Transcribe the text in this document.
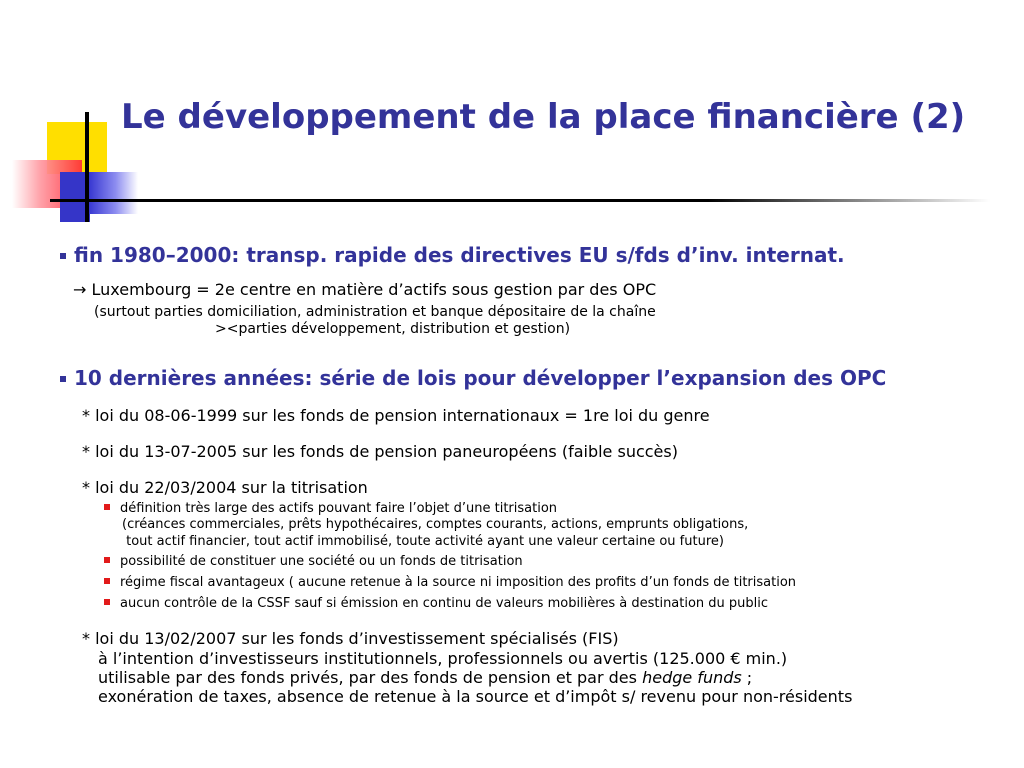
Le développement de la place financière (2)
fin 1980–2000: transp. rapide des directives EU s/fds d’inv. internat.
→ Luxembourg = 2e centre en matière d’actifs sous gestion par des OPC
(surtout parties domiciliation, administration et banque dépositaire de la chaîne
><parties développement, distribution et gestion)
10 dernières années: série de lois pour développer l’expansion des OPC
* loi du 08-06-1999 sur les fonds de pension internationaux = 1re loi du genre
* loi du 13-07-2005 sur les fonds de pension paneuropéens (faible succès)
* loi du 22/03/2004 sur la titrisation
définition très large des actifs pouvant faire l’objet d’une titrisation
(créances commerciales, prêts hypothécaires, comptes courants, actions, emprunts obligations,
tout actif financier, tout actif immobilisé, toute activité ayant une valeur certaine ou future)
possibilité de constituer une société ou un fonds de titrisation
régime fiscal avantageux ( aucune retenue à la source ni imposition des profits d’un fonds de titrisation
aucun contrôle de la CSSF sauf si émission en continu de valeurs mobilières à destination du public
* loi du 13/02/2007 sur les fonds d’investissement spécialisés (FIS)
à l’intention d’investisseurs institutionnels, professionnels ou avertis (125.000 € min.)
utilisable par des fonds privés, par des fonds de pension et par des hedge funds ;
exonération de taxes, absence de retenue à la source et d’impôt s/ revenu pour non-résidents
